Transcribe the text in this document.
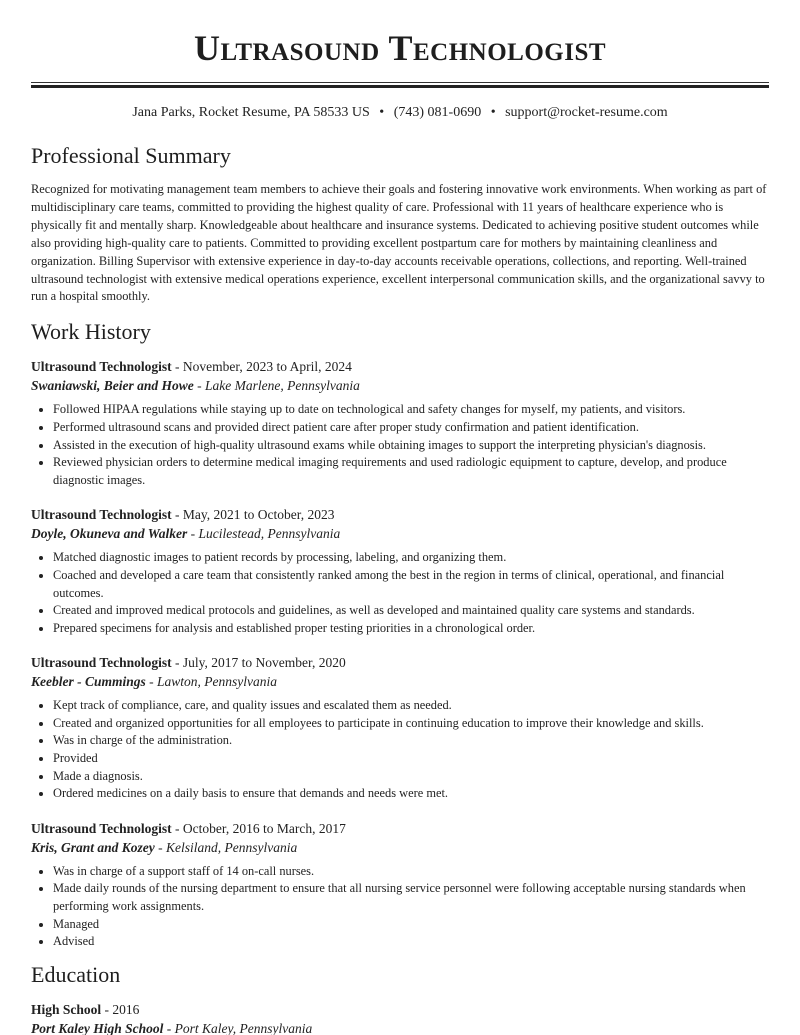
Ultrasound Technologist
Jana Parks, Rocket Resume, PA 58533 US • (743) 081-0690 • support@rocket-resume.com
Professional Summary

Recognized for motivating management team members to achieve their goals and fostering innovative work environments. When working as part of multidisciplinary care teams, committed to providing the highest quality of care. Professional with 11 years of healthcare experience who is physically fit and mentally sharp. Knowledgeable about healthcare and insurance systems. Dedicated to achieving positive student outcomes while also providing high-quality care to patients. Committed to providing excellent postpartum care for mothers by maintaining cleanliness and organization. Billing Supervisor with extensive experience in day-to-day accounts receivable operations, collections, and reporting. Well-trained ultrasound technologist with extensive medical operations experience, excellent interpersonal communication skills, and the organizational savvy to run a hospital smoothly.

Work History
Ultrasound Technologist - November, 2023 to April, 2024
Swaniawski, Beier and Howe - Lake Marlene, Pennsylvania
• Followed HIPAA regulations while staying up to date on technological and safety changes for myself, my patients, and visitors.
• Performed ultrasound scans and provided direct patient care after proper study confirmation and patient identification.
• Assisted in the execution of high-quality ultrasound exams while obtaining images to support the interpreting physician's diagnosis.
• Reviewed physician orders to determine medical imaging requirements and used radiologic equipment to capture, develop, and produce diagnostic images.
Ultrasound Technologist - May, 2021 to October, 2023
Doyle, Okuneva and Walker - Lucilestead, Pennsylvania
• Matched diagnostic images to patient records by processing, labeling, and organizing them.
• Coached and developed a care team that consistently ranked among the best in the region in terms of clinical, operational, and financial outcomes.
• Created and improved medical protocols and guidelines, as well as developed and maintained quality care systems and standards.
• Prepared specimens for analysis and established proper testing priorities in a chronological order.
Ultrasound Technologist - July, 2017 to November, 2020
Keebler - Cummings - Lawton, Pennsylvania
• Kept track of compliance, care, and quality issues and escalated them as needed.
• Created and organized opportunities for all employees to participate in continuing education to improve their knowledge and skills.
• Was in charge of the administration.
• Provided
• Made a diagnosis.
• Ordered medicines on a daily basis to ensure that demands and needs were met.
Ultrasound Technologist - October, 2016 to March, 2017
Kris, Grant and Kozey - Kelsiland, Pennsylvania
• Was in charge of a support staff of 14 on-call nurses.
• Made daily rounds of the nursing department to ensure that all nursing service personnel were following acceptable nursing standards when performing work assignments.
• Managed
• Advised
Education
High School - 2016
Port Kaley High School - Port Kaley, Pennsylvania
